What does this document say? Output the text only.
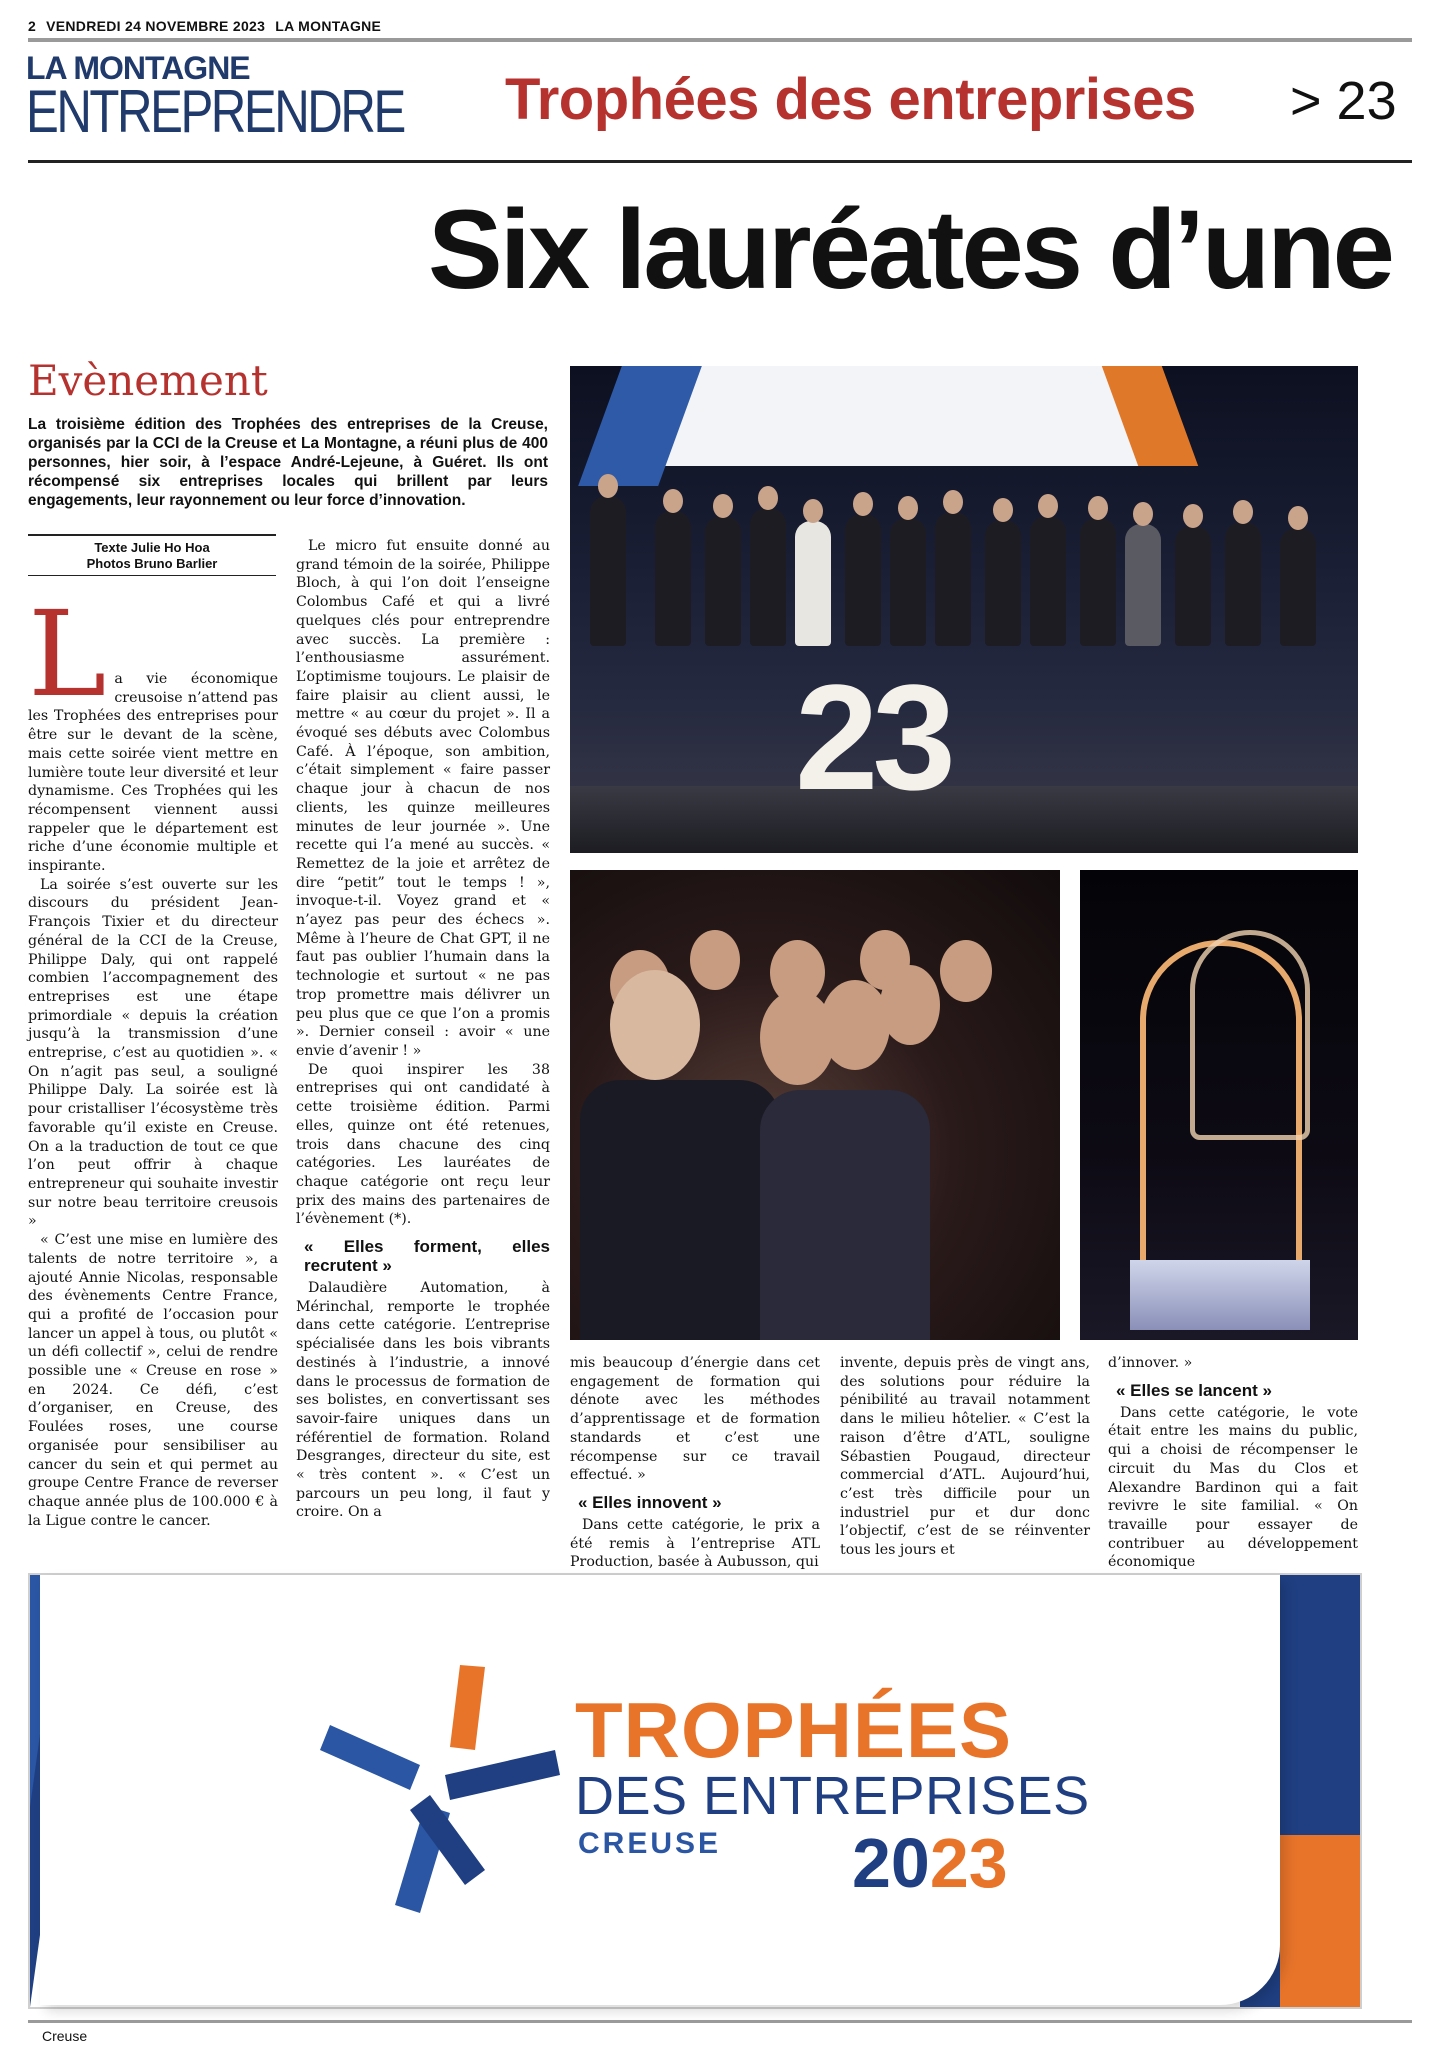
2 VENDREDI 24 NOVEMBRE 2023 LA MONTAGNE
LA MONTAGNE
ENTREPRENDRE Trophées des entreprises > 23
Six lauréates d’une
Evènement
La troisième édition des Trophées des entreprises de la Creuse, organisés par la CCI de la Creuse et La Montagne, a réuni plus de 400 personnes, hier soir, à l’espace André-Lejeune, à Guéret. Ils ont récompensé six entreprises locales qui brillent par leurs engagements, leur rayonnement ou leur force d’innovation.
Texte Julie Ho Hoa
Photos Bruno Barlier
L a vie économique creusoise n’attend pas les Trophées des entreprises pour être sur le devant de la scène, mais cette soirée vient mettre en lumière toute leur diversité et leur dynamisme. Ces Trophées qui les récompensent viennent aussi rappeler que le département est riche d’une économie multiple et inspirante.

La soirée s’est ouverte sur les discours du président Jean-François Tixier et du directeur général de la CCI de la Creuse, Philippe Daly, qui ont rappelé combien l’accompagnement des entreprises est une étape primordiale « depuis la création jusqu’à la transmission d’une entreprise, c’est au quotidien ». « On n’agit pas seul, a souligné Philippe Daly. La soirée est là pour cristalliser l’écosystème très favorable qu’il existe en Creuse. On a la traduction de tout ce que l’on peut offrir à chaque entrepreneur qui souhaite investir sur notre beau territoire creusois »

« C’est une mise en lumière des talents de notre territoire », a ajouté Annie Nicolas, responsable des évènements Centre France, qui a profité de l’occasion pour lancer un appel à tous, ou plutôt « un défi collectif », celui de rendre possible une « Creuse en rose » en 2024. Ce défi, c’est d’organiser, en Creuse, des Foulées roses, une course organisée pour sensibiliser au cancer du sein et qui permet au groupe Centre France de reverser chaque année plus de 100.000 € à la Ligue contre le cancer.

Le micro fut ensuite donné au grand témoin de la soirée, Philippe Bloch, à qui l’on doit l’enseigne Colombus Café et qui a livré quelques clés pour entreprendre avec succès. La première : l’enthousiasme assurément. L’optimisme toujours. Le plaisir de faire plaisir au client aussi, le mettre « au cœur du projet ». Il a évoqué ses débuts avec Colombus Café. À l’époque, son ambition, c’était simplement « faire passer chaque jour à chacun de nos clients, les quinze meilleures minutes de leur journée ». Une recette qui l’a mené au succès. « Remettez de la joie et arrêtez de dire “petit” tout le temps ! », invoque-t-il. Voyez grand et « n’ayez pas peur des échecs ». Même à l’heure de Chat GPT, il ne faut pas oublier l’humain dans la technologie et surtout « ne pas trop promettre mais délivrer un peu plus que ce que l’on a promis ». Dernier conseil : avoir « une envie d’avenir ! »

De quoi inspirer les 38 entreprises qui ont candidaté à cette troisième édition. Parmi elles, quinze ont été retenues, trois dans chacune des cinq catégories. Les lauréates de chaque catégorie ont reçu leur prix des mains des partenaires de l’évènement (*).

« Elles forment, elles recrutent »

Dalaudière Automation, à Mérinchal, remporte le trophée dans cette catégorie. L’entreprise spécialisée dans les bois vibrants destinés à l’industrie, a innové dans le processus de formation de ses bolistes, en convertissant ses savoir-faire uniques dans un référentiel de formation. Roland Desgranges, directeur du site, est « très content ». « C’est un parcours un peu long, il faut y croire. On a

23

mis beaucoup d’énergie dans cet engagement de formation qui dénote avec les méthodes d’apprentissage et de formation standards et c’est une récompense sur ce travail effectué. »

« Elles innovent »

Dans cette catégorie, le prix a été remis à l’entreprise ATL Production, basée à Aubusson, qui

invente, depuis près de vingt ans, des solutions pour réduire la pénibilité au travail notamment dans le milieu hôtelier. « C’est la raison d’être d’ATL, souligne Sébastien Pougaud, directeur commercial d’ATL. Aujourd’hui, c’est très difficile pour un industriel pur et dur donc l’objectif, c’est de se réinventer tous les jours et

d’innover. »

« Elles se lancent »

Dans cette catégorie, le vote était entre les mains du public, qui a choisi de récompenser le circuit du Mas du Clos et Alexandre Bardinon qui a fait revivre le site familial. « On travaille pour essayer de contribuer au développement économique

TROPHÉES
DES ENTREPRISES
CREUSE 2023
Creuse
